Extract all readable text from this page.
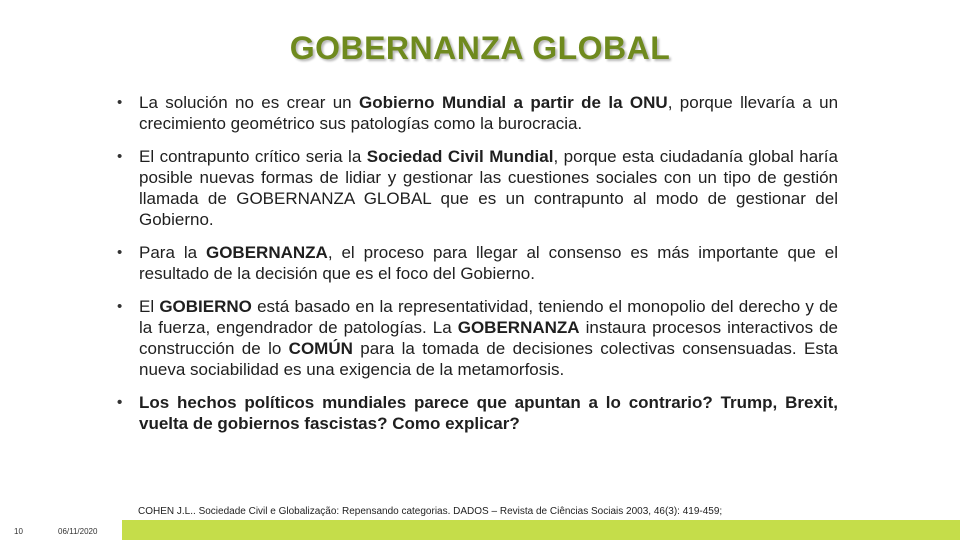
GOBERNANZA GLOBAL
• La solución no es crear un Gobierno Mundial a partir de la ONU, porque llevaría a un crecimiento geométrico sus patologías como la burocracia.
• El contrapunto crítico seria la Sociedad Civil Mundial, porque esta ciudadanía global haría posible nuevas formas de lidiar y gestionar las cuestiones sociales con un tipo de gestión llamada de GOBERNANZA GLOBAL que es un contrapunto al modo de gestionar del Gobierno.
• Para la GOBERNANZA, el proceso para llegar al consenso es más importante que el resultado de la decisión que es el foco del Gobierno.
• El GOBIERNO está basado en la representatividad, teniendo el monopolio del derecho y de la fuerza, engendrador de patologías. La GOBERNANZA instaura procesos interactivos de construcción de lo COMÚN para la tomada de decisiones colectivas consensuadas. Esta nueva sociabilidad es una exigencia de la metamorfosis.
• Los hechos políticos mundiales parece que apuntan a lo contrario? Trump, Brexit, vuelta de gobiernos fascistas? Como explicar?
COHEN J.L.. Sociedade Civil e Globalização: Repensando categorias. DADOS – Revista de Ciências Sociais 2003, 46(3): 419-459;
10	06/11/2020
